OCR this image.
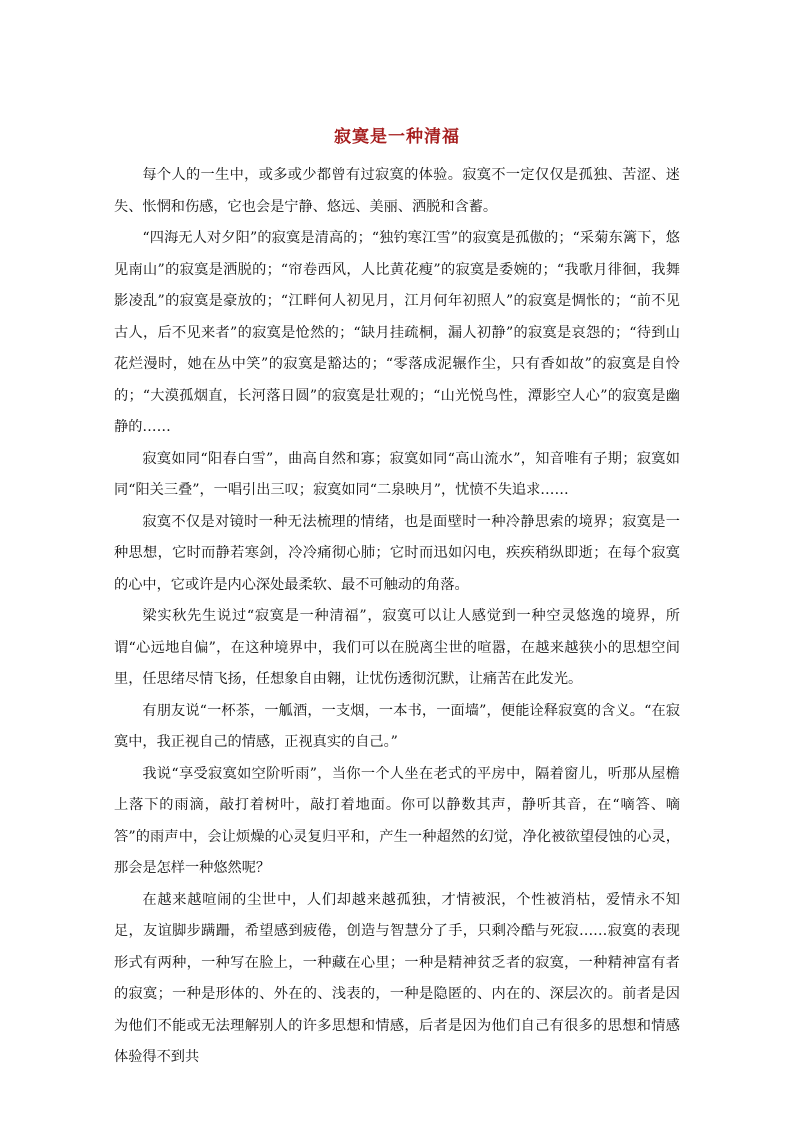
寂寞是一种清福

每个人的一生中，或多或少都曾有过寂寞的体验。寂寞不一定仅仅是孤独、苦涩、迷失、怅惘和伤感，它也会是宁静、悠远、美丽、洒脱和含蓄。

“四海无人对夕阳”的寂寞是清高的；“独钓寒江雪”的寂寞是孤傲的；“采菊东篱下，悠见南山”的寂寞是洒脱的；“帘卷西风，人比黄花瘦”的寂寞是委婉的；“我歌月徘徊，我舞影凌乱”的寂寞是豪放的；“江畔何人初见月，江月何年初照人”的寂寞是惆怅的；“前不见古人，后不见来者”的寂寞是怆然的；“缺月挂疏桐，漏人初静”的寂寞是哀怨的；“待到山花烂漫时，她在丛中笑”的寂寞是豁达的；“零落成泥辗作尘，只有香如故”的寂寞是自怜的；“大漠孤烟直，长河落日圆”的寂寞是壮观的；“山光悦鸟性，潭影空人心”的寂寞是幽静的……

寂寞如同“阳春白雪”，曲高自然和寡；寂寞如同“高山流水”，知音唯有子期；寂寞如同“阳关三叠”，一唱引出三叹；寂寞如同“二泉映月”，忧愤不失追求……

寂寞不仅是对镜时一种无法梳理的情绪，也是面壁时一种冷静思索的境界；寂寞是一种思想，它时而静若寒剑，冷冷痛彻心肺；它时而迅如闪电，疾疾稍纵即逝；在每个寂寞的心中，它或许是内心深处最柔软、最不可触动的角落。

梁实秋先生说过“寂寞是一种清福”，寂寞可以让人感觉到一种空灵悠逸的境界，所谓“心远地自偏”，在这种境界中，我们可以在脱离尘世的喧嚣，在越来越狭小的思想空间里，任思绪尽情飞扬，任想象自由翱，让忧伤透彻沉默，让痛苦在此发光。

有朋友说“一杯茶，一觚酒，一支烟，一本书，一面墙”，便能诠释寂寞的含义。“在寂寞中，我正视自己的情感，正视真实的自己。”

我说“享受寂寞如空阶听雨”，当你一个人坐在老式的平房中，隔着窗儿，听那从屋檐上落下的雨滴，敲打着树叶，敲打着地面。你可以静数其声，静听其音，在“嘀答、嘀答”的雨声中，会让烦燥的心灵复归平和，产生一种超然的幻觉，净化被欲望侵蚀的心灵，那会是怎样一种悠然呢？

在越来越喧闹的尘世中，人们却越来越孤独，才情被泯，个性被消枯，爱情永不知足，友谊脚步蹒跚，希望感到疲倦，创造与智慧分了手，只剩冷酷与死寂……寂寞的表现形式有两种，一种写在脸上，一种藏在心里；一种是精神贫乏者的寂寞，一种精神富有者的寂寞；一种是形体的、外在的、浅表的，一种是隐匿的、内在的、深层次的。前者是因为他们不能或无法理解别人的许多思想和情感，后者是因为他们自己有很多的思想和情感体验得不到共
